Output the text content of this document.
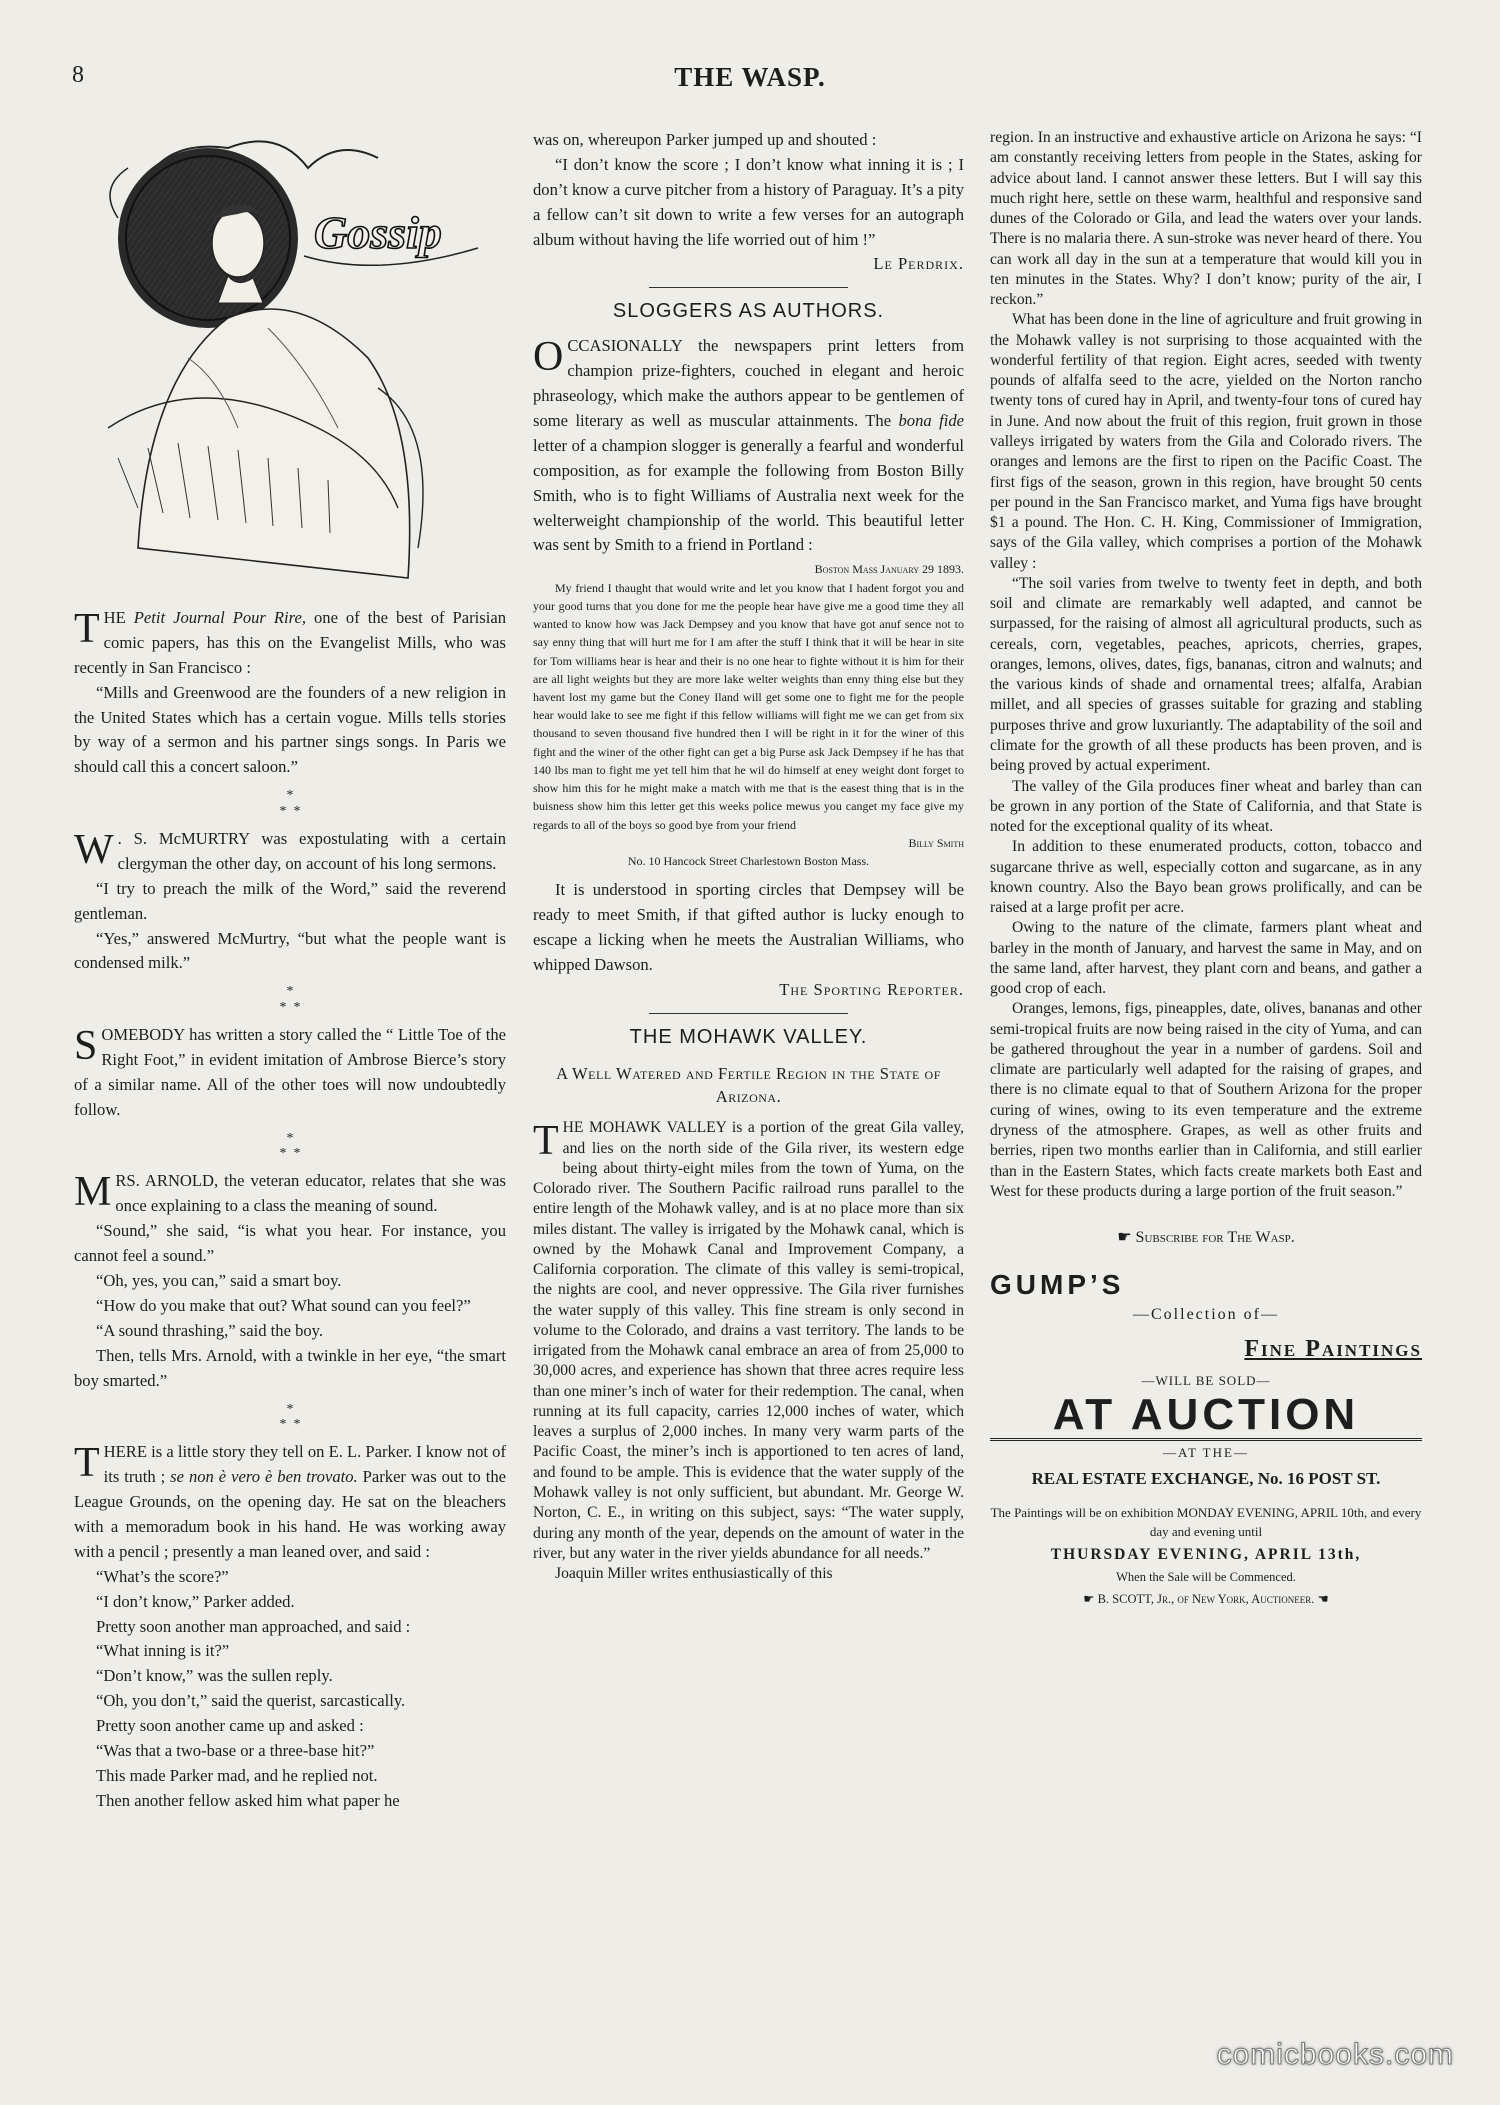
8	THE WASP.
Gossip

THE Petit Journal Pour Rire, one of the best of Parisian comic papers, has this on the Evangelist Mills, who was recently in San Francisco :

“Mills and Greenwood are the founders of a new religion in the United States which has a certain vogue. Mills tells stories by way of a sermon and his partner sings songs. In Paris we should call this a concert saloon.”

*
*  *

W . S. McMURTRY was expostulating with a certain clergyman the other day, on account of his long sermons.

“I try to preach the milk of the Word,” said the reverend gentleman.

“Yes,” answered McMurtry, “but what the people want is condensed milk.”

*
*  *

SOMEBODY has written a story called the “ Little Toe of the Right Foot,” in evident imitation of Ambrose Bierce’s story of a similar name. All of the other toes will now undoubtedly follow.

*
*  *

MRS. ARNOLD, the veteran educator, relates that she was once explaining to a class the meaning of sound.

“Sound,” she said, “is what you hear. For instance, you cannot feel a sound.”

“Oh, yes, you can,” said a smart boy.

“How do you make that out? What sound can you feel?”

“A sound thrashing,” said the boy.

Then, tells Mrs. Arnold, with a twinkle in her eye, “the smart boy smarted.”

*
*  *

THERE is a little story they tell on E. L. Parker. I know not of its truth ; se non è vero è ben trovato. Parker was out to the League Grounds, on the opening day. He sat on the bleachers with a memoradum book in his hand. He was working away with a pencil ; presently a man leaned over, and said :

“What’s the score?”

“I don’t know,” Parker added.

Pretty soon another man approached, and said :

“What inning is it?”

“Don’t know,” was the sullen reply.

“Oh, you don’t,” said the querist, sarcastically.

Pretty soon another came up and asked :

“Was that a two-base or a three-base hit?”

This made Parker mad, and he replied not.

Then another fellow asked him what paper he

was on, whereupon Parker jumped up and shouted :

“I don’t know the score ; I don’t know what inning it is ; I don’t know a curve pitcher from a history of Paraguay. It’s a pity a fellow can’t sit down to write a few verses for an autograph album without having the life worried out of him !”

Le Perdrix.
SLOGGERS AS AUTHORS.

OCCASIONALLY the newspapers print letters from champion prize-fighters, couched in elegant and heroic phraseology, which make the authors appear to be gentlemen of some literary as well as muscular attainments. The bona fide letter of a champion slogger is generally a fearful and wonderful composition, as for example the following from Boston Billy Smith, who is to fight Williams of Australia next week for the welterweight championship of the world. This beautiful letter was sent by Smith to a friend in Portland :

Boston Mass January 29 1893.

My friend I thaught that would write and let you know that I hadent forgot you and your good turns that you done for me the people hear have give me a good time they all wanted to know how was Jack Dempsey and you know that have got anuf sence not to say enny thing that will hurt me for I am after the stuff I think that it will be hear in site for Tom williams hear is hear and their is no one hear to fighte without it is him for their are all light weights but they are more lake welter weights than enny thing else but they havent lost my game but the Coney Iland will get some one to fight me for the people hear would lake to see me fight if this fellow williams will fight me we can get from six thousand to seven thousand five hundred then I will be right in it for the winer of this fight and the winer of the other fight can get a big Purse ask Jack Dempsey if he has that 140 lbs man to fight me yet tell him that he wil do himself at eney weight dont forget to show him this for he might make a match with me that is the easest thing that is in the buisness show him this letter get this weeks police mewus you canget my face give my regards to all of the boys so good bye from your friend

Billy Smith
No. 10 Hancock Street Charlestown Boston Mass.

It is understood in sporting circles that Dempsey will be ready to meet Smith, if that gifted author is lucky enough to escape a licking when he meets the Australian Williams, who whipped Dawson.

The Sporting Reporter.
THE MOHAWK VALLEY.
A Well Watered and Fertile Region in the State of Arizona.

THE MOHAWK VALLEY is a portion of the great Gila valley, and lies on the north side of the Gila river, its western edge being about thirty-eight miles from the town of Yuma, on the Colorado river. The Southern Pacific railroad runs parallel to the entire length of the Mohawk valley, and is at no place more than six miles distant. The valley is irrigated by the Mohawk canal, which is owned by the Mohawk Canal and Improvement Company, a California corporation. The climate of this valley is semi-tropical, the nights are cool, and never oppressive. The Gila river furnishes the water supply of this valley. This fine stream is only second in volume to the Colorado, and drains a vast territory. The lands to be irrigated from the Mohawk canal embrace an area of from 25,000 to 30,000 acres, and experience has shown that three acres require less than one miner’s inch of water for their redemption. The canal, when running at its full capacity, carries 12,000 inches of water, which leaves a surplus of 2,000 inches. In many very warm parts of the Pacific Coast, the miner’s inch is apportioned to ten acres of land, and found to be ample. This is evidence that the water supply of the Mohawk valley is not only sufficient, but abundant. Mr. George W. Norton, C. E., in writing on this subject, says: “The water supply, during any month of the year, depends on the amount of water in the river, but any water in the river yields abundance for all needs.”

Joaquin Miller writes enthusiastically of this

region. In an instructive and exhaustive article on Arizona he says: “I am constantly receiving letters from people in the States, asking for advice about land. I cannot answer these letters. But I will say this much right here, settle on these warm, healthful and responsive sand dunes of the Colorado or Gila, and lead the waters over your lands. There is no malaria there. A sun-stroke was never heard of there. You can work all day in the sun at a temperature that would kill you in ten minutes in the States. Why? I don’t know; purity of the air, I reckon.”

What has been done in the line of agriculture and fruit growing in the Mohawk valley is not surprising to those acquainted with the wonderful fertility of that region. Eight acres, seeded with twenty pounds of alfalfa seed to the acre, yielded on the Norton rancho twenty tons of cured hay in April, and twenty-four tons of cured hay in June. And now about the fruit of this region, fruit grown in those valleys irrigated by waters from the Gila and Colorado rivers. The oranges and lemons are the first to ripen on the Pacific Coast. The first figs of the season, grown in this region, have brought 50 cents per pound in the San Francisco market, and Yuma figs have brought $1 a pound. The Hon. C. H. King, Commissioner of Immigration, says of the Gila valley, which comprises a portion of the Mohawk valley :

“The soil varies from twelve to twenty feet in depth, and both soil and climate are remarkably well adapted, and cannot be surpassed, for the raising of almost all agricultural products, such as cereals, corn, vegetables, peaches, apricots, cherries, grapes, oranges, lemons, olives, dates, figs, bananas, citron and walnuts; and the various kinds of shade and ornamental trees; alfalfa, Arabian millet, and all species of grasses suitable for grazing and stabling purposes thrive and grow luxuriantly. The adaptability of the soil and climate for the growth of all these products has been proven, and is being proved by actual experiment.

The valley of the Gila produces finer wheat and barley than can be grown in any portion of the State of California, and that State is noted for the exceptional quality of its wheat.

In addition to these enumerated products, cotton, tobacco and sugarcane thrive as well, especially cotton and sugarcane, as in any known country. Also the Bayo bean grows prolifically, and can be raised at a large profit per acre.

Owing to the nature of the climate, farmers plant wheat and barley in the month of January, and harvest the same in May, and on the same land, after harvest, they plant corn and beans, and gather a good crop of each.

Oranges, lemons, figs, pineapples, date, olives, bananas and other semi-tropical fruits are now being raised in the city of Yuma, and can be gathered throughout the year in a number of gardens. Soil and climate are particularly well adapted for the raising of grapes, and there is no climate equal to that of Southern Arizona for the proper curing of wines, owing to its even temperature and the extreme dryness of the atmosphere. Grapes, as well as other fruits and berries, ripen two months earlier than in California, and still earlier than in the Eastern States, which facts create markets both East and West for these products during a large portion of the fruit season.”

☛ Subscribe for The Wasp.
GUMP’S
—Collection of—
Fine Paintings
—WILL BE SOLD—
AT AUCTION
—AT THE—
REAL ESTATE EXCHANGE, No. 16 POST ST.
The Paintings will be on exhibition MONDAY EVENING, APRIL 10th, and every day and evening until
THURSDAY EVENING, APRIL 13th,
When the Sale will be Commenced.
☛ B. SCOTT, Jr., of New York, Auctioneer. ☚
comicbooks.com
